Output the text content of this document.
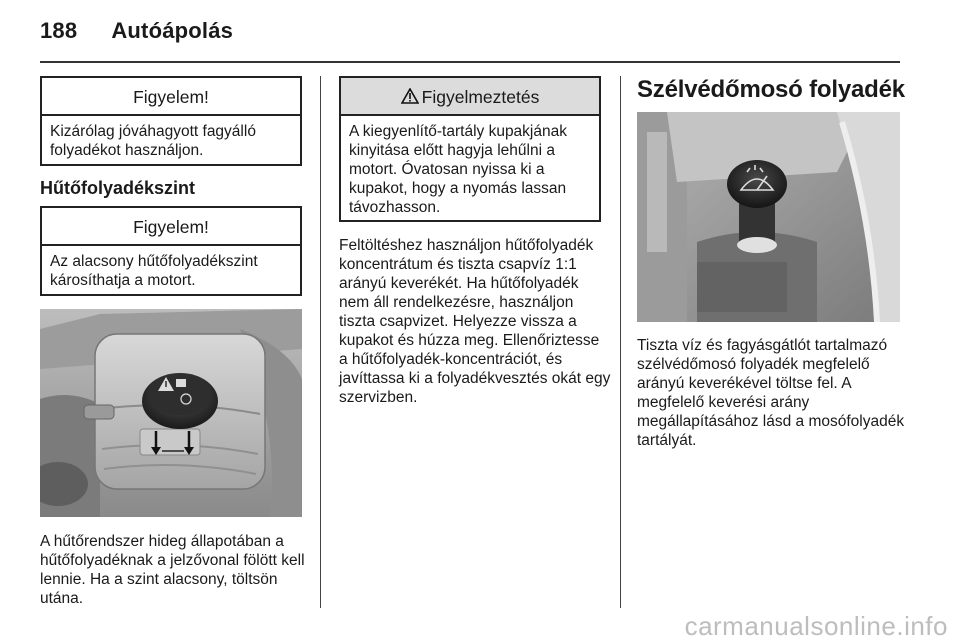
188 Autóápolás
Figyelem!
Kizárólag jóváhagyott fagyálló folyadékot használjon.
Hűtőfolyadékszint
Figyelem!
Az alacsony hűtőfolyadékszint károsíthatja a motort.
A hűtőrendszer hideg állapotában a hűtőfolyadéknak a jelzővonal fölött kell lennie. Ha a szint alacsony, töltsön utána.
Figyelmeztetés
A kiegyenlítő-tartály kupakjának kinyitása előtt hagyja lehűlni a motort. Óvatosan nyissa ki a kupakot, hogy a nyomás lassan távozhasson.
Feltöltéshez használjon hűtőfolyadék koncentrátum és tiszta csapvíz 1:1 arányú keverékét. Ha hűtőfolyadék nem áll rendelkezésre, használjon tiszta csapvizet. Helyezze vissza a kupakot és húzza meg. Ellenőriztesse a hűtőfolyadék-koncentrációt, és javíttassa ki a folyadékvesztés okát egy szervizben.
Szélvédőmosó folyadék
Tiszta víz és fagyásgátlót tartalmazó szélvédőmosó folyadék megfelelő arányú keverékével töltse fel. A megfelelő keverési arány megállapításához lásd a mosófolyadék tartályát.
carmanualsonline.info
